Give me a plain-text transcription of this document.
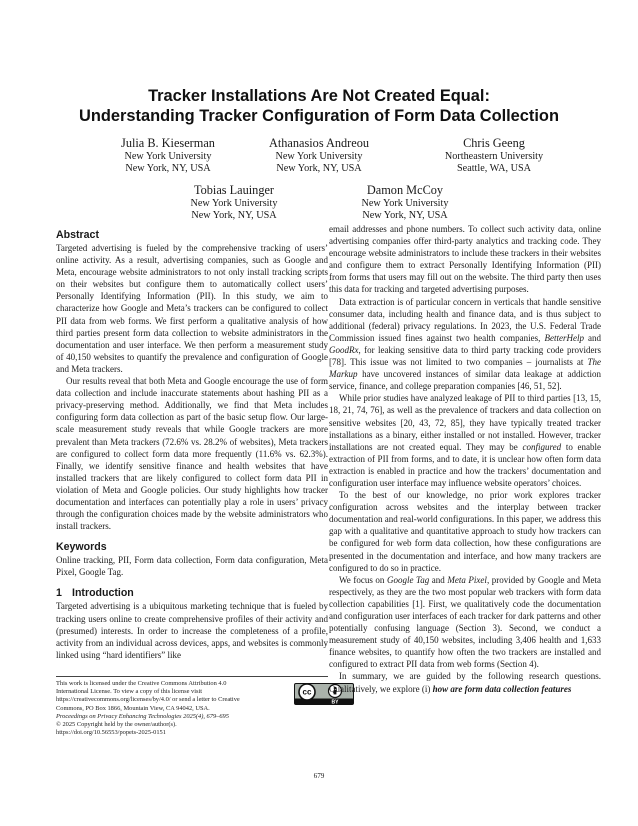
Tracker Installations Are Not Created Equal:
Understanding Tracker Configuration of Form Data Collection
Julia B. Kieserman
New York University
New York, NY, USA
Athanasios Andreou
New York University
New York, NY, USA
Chris Geeng
Northeastern University
Seattle, WA, USA
Tobias Lauinger
New York University
New York, NY, USA
Damon McCoy
New York University
New York, NY, USA
Abstract

Targeted advertising is fueled by the comprehensive tracking of users’ online activity. As a result, advertising companies, such as Google and Meta, encourage website administrators to not only install tracking scripts on their websites but configure them to automatically collect users’ Personally Identifying Information (PII). In this study, we aim to characterize how Google and Meta’s trackers can be configured to collect PII data from web forms. We first perform a qualitative analysis of how third parties present form data collection to website administrators in the documentation and user interface. We then perform a measurement study of 40,150 websites to quantify the prevalence and configuration of Google and Meta trackers.

Our results reveal that both Meta and Google encourage the use of form data collection and include inaccurate statements about hashing PII as a privacy-preserving method. Additionally, we find that Meta includes configuring form data collection as part of the basic setup flow. Our large-scale measurement study reveals that while Google trackers are more prevalent than Meta trackers (72.6% vs. 28.2% of websites), Meta trackers are configured to collect form data more frequently (11.6% vs. 62.3%). Finally, we identify sensitive finance and health websites that have installed trackers that are likely configured to collect form data PII in violation of Meta and Google policies. Our study highlights how tracker documentation and interfaces can potentially play a role in users’ privacy through the configuration choices made by the website administrators who install trackers.

Keywords

Online tracking, PII, Form data collection, Form data configuration, Meta Pixel, Google Tag.

1 Introduction

Targeted advertising is a ubiquitous marketing technique that is fueled by tracking users online to create comprehensive profiles of their activity and (presumed) interests. In order to increase the completeness of a profile, activity from an individual across devices, apps, and websites is commonly linked using “hard identifiers” like

This work is licensed under the Creative Commons Attribution 4.0 International License. To view a copy of this license visit https://creativecommons.org/licenses/by/4.0/ or send a letter to Creative Commons, PO Box 1866, Mountain View, CA 94042, USA.
Proceedings on Privacy Enhancing Technologies 2025(4), 679–695
© 2025 Copyright held by the owner/author(s).
https://doi.org/10.56553/popets-2025-0151
cc
BY

email addresses and phone numbers. To collect such activity data, online advertising companies offer third-party analytics and tracking code. They encourage website administrators to include these trackers in their websites and configure them to extract Personally Identifying Information (PII) from forms that users may fill out on the website. The third party then uses this data for tracking and targeted advertising purposes.

Data extraction is of particular concern in verticals that handle sensitive consumer data, including health and finance data, and is thus subject to additional (federal) privacy regulations. In 2023, the U.S. Federal Trade Commission issued fines against two health companies, BetterHelp and GoodRx, for leaking sensitive data to third party tracking code providers [78]. This issue was not limited to two companies – journalists at The Markup have uncovered instances of similar data leakage at addiction service, finance, and college preparation companies [46, 51, 52].

While prior studies have analyzed leakage of PII to third parties [13, 15, 18, 21, 74, 76], as well as the prevalence of trackers and data collection on sensitive websites [20, 43, 72, 85], they have typically treated tracker installations as a binary, either installed or not installed. However, tracker installations are not created equal. They may be configured to enable extraction of PII from forms, and to date, it is unclear how often form data extraction is enabled in practice and how the trackers’ documentation and configuration user interface may influence website operators’ choices.

To the best of our knowledge, no prior work explores tracker configuration across websites and the interplay between tracker documentation and real-world configurations. In this paper, we address this gap with a qualitative and quantitative approach to study how trackers can be configured for web form data collection, how these configurations are presented in the documentation and interface, and how many trackers are configured to do so in practice.

We focus on Google Tag and Meta Pixel, provided by Google and Meta respectively, as they are the two most popular web trackers with form data collection capabilities [1]. First, we qualitatively code the documentation and configuration user interfaces of each tracker for dark patterns and other potentially confusing language (Section 3). Second, we conduct a measurement study of 40,150 websites, including 3,406 health and 1,633 finance websites, to quantify how often the two trackers are installed and configured to extract PII data from web forms (Section 4).

In summary, we are guided by the following research questions. Qualitatively, we explore (i) how are form data collection features

679
